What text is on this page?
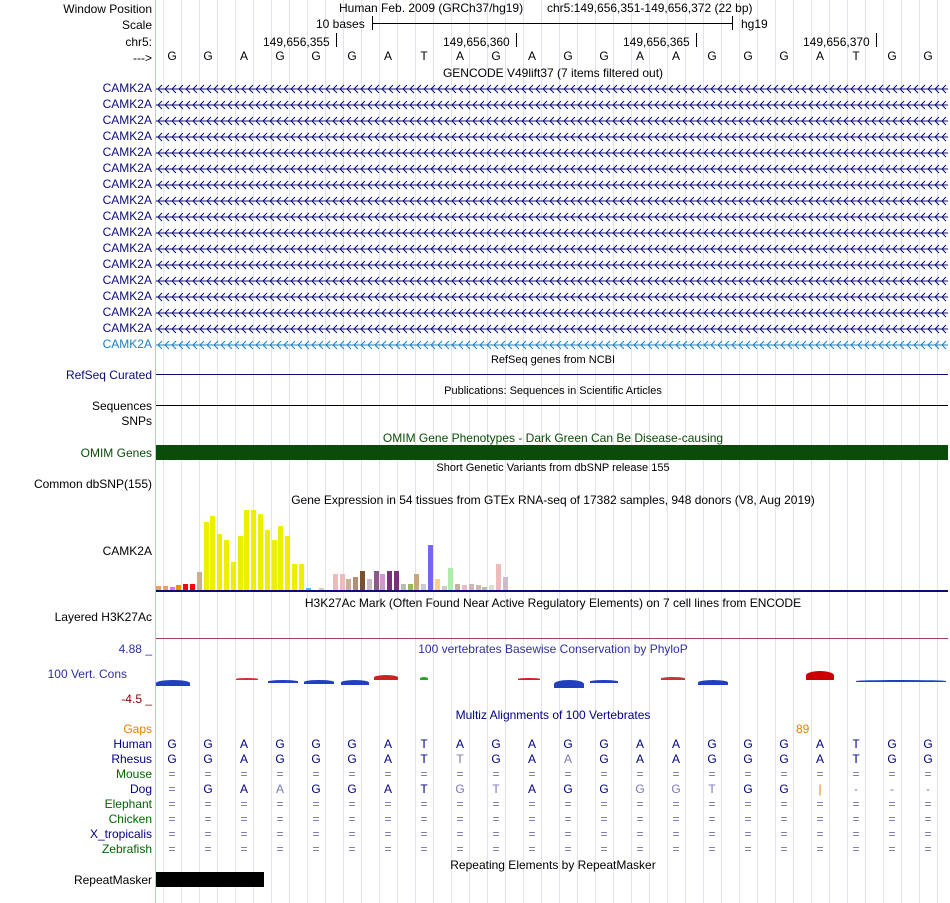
Window Position	Human Feb. 2009 (GRCh37/hg19) chr5:149,656,351-149,656,372 (22 bp)
Scale	10 bases	hg19
chr5:	149,656,355	149,656,360	149,656,365	149,656,370
---> G G A G G G A T A G A G G A A G G G A T G G
GENCODE V49lift37 (7 items filtered out)
CAMK2A
CAMK2A
CAMK2A
CAMK2A
CAMK2A
CAMK2A
CAMK2A
CAMK2A
CAMK2A
CAMK2A
CAMK2A
CAMK2A
CAMK2A
CAMK2A
CAMK2A
CAMK2A
CAMK2A
RefSeq genes from NCBI
RefSeq Curated
Publications: Sequences in Scientific Articles
Sequences
SNPs
OMIM Gene Phenotypes - Dark Green Can Be Disease-causing
OMIM Genes
Short Genetic Variants from dbSNP release 155
Common dbSNP(155)
Gene Expression in 54 tissues from GTEx RNA-seq of 17382 samples, 948 donors (V8, Aug 2019)
CAMK2A
H3K27Ac Mark (Often Found Near Active Regulatory Elements) on 7 cell lines from ENCODE
Layered H3K27Ac
100 vertebrates Basewise Conservation by PhyloP
4.88 _
100 Vert. Cons
-4.5 _
Multiz Alignments of 100 Vertebrates
Gaps	89
Human G G A G G G A T A G A G G A A G G G A T G G
Rhesus G G A G G G A T T G A A G A A G G G A T G G
Mouse = = = = = = = = = = = = = = = = = = = = = =
Dog = G A A G G A T G T A G G G G T G G	|	-	-	-
Elephant = = = = = = = = = = = = = = = = = = = = = =
Chicken = = = = = = = = = = = = = = = = = = = = = =
X_tropicalis = = = = = = = = = = = = = = = = = = = = = =
Zebrafish = = = = = = = = = = = = = = = = = = = = = =
Repeating Elements by RepeatMasker
RepeatMasker
